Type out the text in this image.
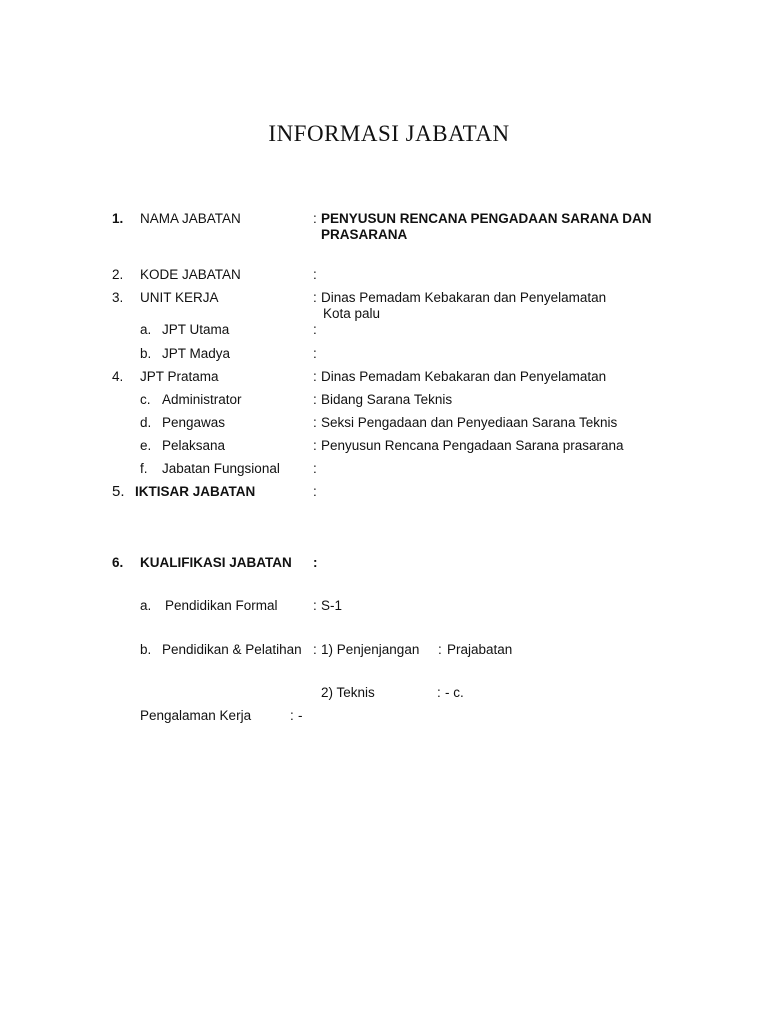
INFORMASI JABATAN
1. NAMA JABATAN	: PENYUSUN RENCANA PENGADAAN SARANA DAN
PRASARANA
2. KODE JABATAN	:
3. UNIT KERJA	: Dinas Pemadam Kebakaran dan Penyelamatan
Kota palu
a. JPT Utama	:
b. JPT Madya	:
4. JPT Pratama	: Dinas Pemadam Kebakaran dan Penyelamatan
c. Administrator	: Bidang Sarana Teknis
d. Pengawas	: Seksi Pengadaan dan Penyediaan Sarana Teknis
e. Pelaksana	: Penyusun Rencana Pengadaan Sarana prasarana
f. Jabatan Fungsional :
5. IKTISAR JABATAN	:
6. KUALIFIKASI JABATAN :
a. Pendidikan Formal	: S-1
b. Pendidikan & Pelatihan : 1) Penjenjangan : Prajabatan
2) Teknis	: - c.
Pengalaman Kerja	: -
